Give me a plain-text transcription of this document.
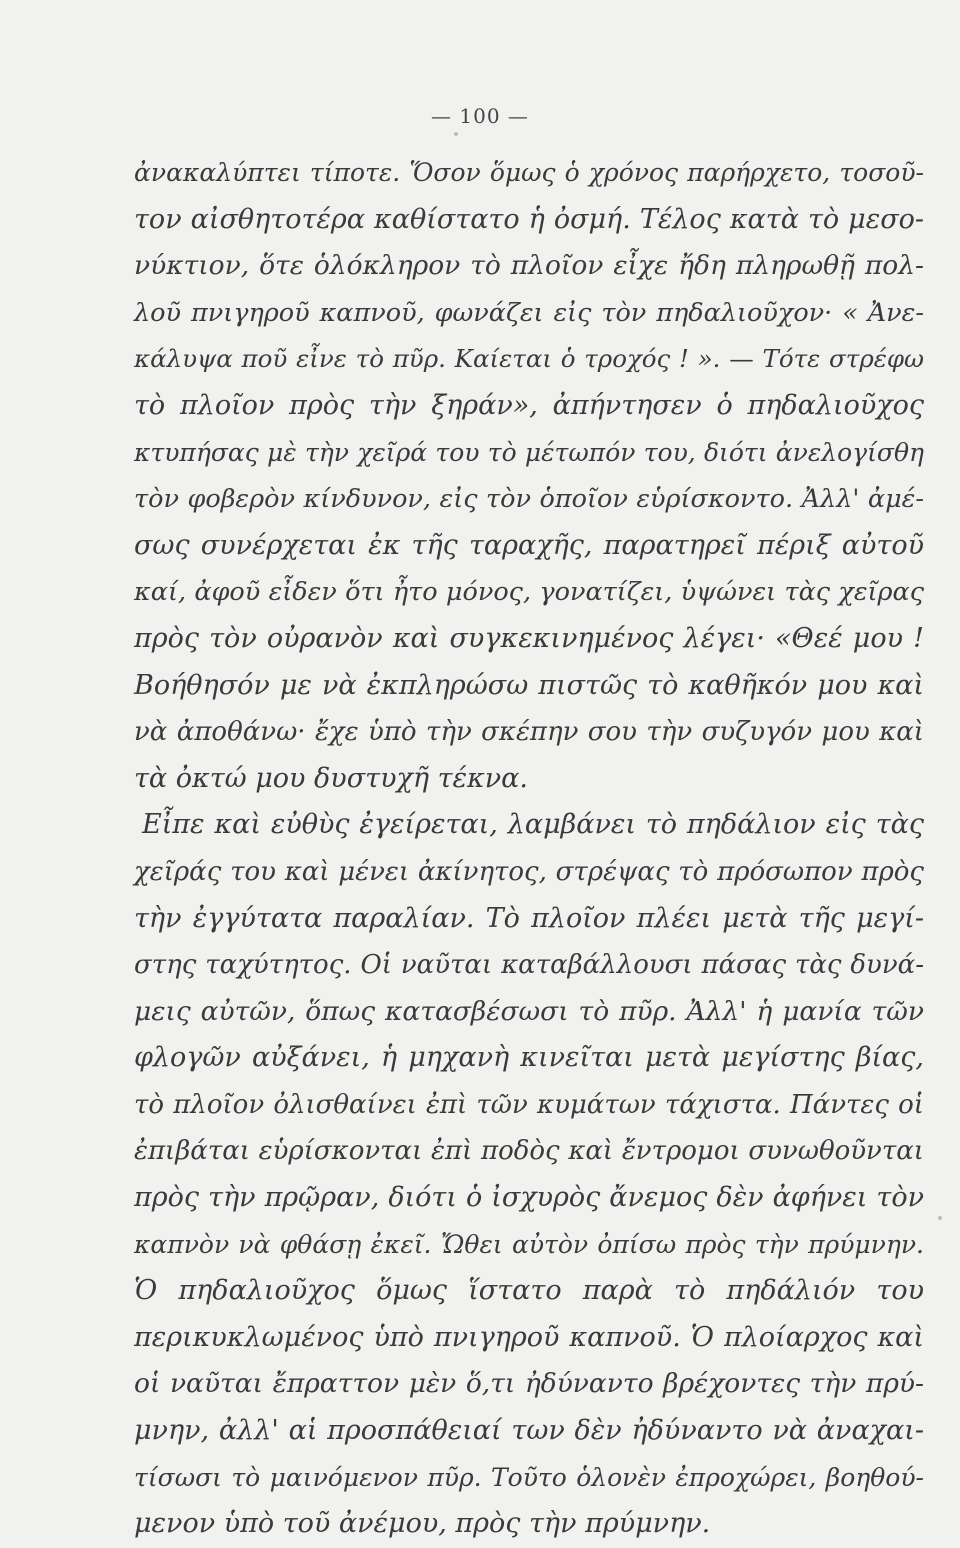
— 100 —
ἀνακαλύπτει τίποτε. Ὅσον ὅμως ὁ χρόνος παρήρχετο, τοσοῦ-
τον αἰσθητοτέρα καθίστατο ἡ ὀσμή. Τέλος κατὰ τὸ μεσο-
νύκτιον, ὅτε ὁλόκληρον τὸ πλοῖον εἶχε ἤδη πληρωθῇ πολ-
λοῦ πνιγηροῦ καπνοῦ, φωνάζει εἰς τὸν πηδαλιοῦχον· « Ἀνε-
κάλυψα ποῦ εἶνε τὸ πῦρ. Καίεται ὁ τροχός ! ». — Τότε στρέφω
τὸ πλοῖον πρὸς τὴν ξηράν», ἀπήντησεν ὁ πηδαλιοῦχος
κτυπήσας μὲ τὴν χεῖρά του τὸ μέτωπόν του, διότι ἀνελογίσθη
τὸν φοβερὸν κίνδυνον, εἰς τὸν ὁποῖον εὑρίσκοντο. Ἀλλ' ἀμέ-
σως συνέρχεται ἐκ τῆς ταραχῆς, παρατηρεῖ πέριξ αὐτοῦ
καί, ἀφοῦ εἶδεν ὅτι ἦτο μόνος, γονατίζει, ὑψώνει τὰς χεῖρας
πρὸς τὸν οὐρανὸν καὶ συγκεκινημένος λέγει· «Θεέ μου !
Βοήθησόν με νὰ ἐκπληρώσω πιστῶς τὸ καθῆκόν μου καὶ
νὰ ἀποθάνω· ἔχε ὑπὸ τὴν σκέπην σου τὴν συζυγόν μου καὶ
τὰ ὀκτώ μου δυστυχῆ τέκνα.
Εἶπε καὶ εὐθὺς ἐγείρεται, λαμβάνει τὸ πηδάλιον εἰς τὰς
χεῖράς του καὶ μένει ἀκίνητος, στρέψας τὸ πρόσωπον πρὸς
τὴν ἐγγύτατα παραλίαν. Τὸ πλοῖον πλέει μετὰ τῆς μεγί-
στης ταχύτητος. Οἱ ναῦται καταβάλλουσι πάσας τὰς δυνά-
μεις αὐτῶν, ὅπως κατασβέσωσι τὸ πῦρ. Ἀλλ' ἡ μανία τῶν
φλογῶν αὐξάνει, ἡ μηχανὴ κινεῖται μετὰ μεγίστης βίας,
τὸ πλοῖον ὀλισθαίνει ἐπὶ τῶν κυμάτων τάχιστα. Πάντες οἱ
ἐπιβάται εὑρίσκονται ἐπὶ ποδὸς καὶ ἔντρομοι συνωθοῦνται
πρὸς τὴν πρῷραν, διότι ὁ ἰσχυρὸς ἄνεμος δὲν ἀφήνει τὸν
καπνὸν νὰ φθάσῃ ἐκεῖ. Ὤθει αὐτὸν ὀπίσω πρὸς τὴν πρύμνην.
Ὁ πηδαλιοῦχος ὅμως ἵστατο παρὰ τὸ πηδάλιόν του
περικυκλωμένος ὑπὸ πνιγηροῦ καπνοῦ. Ὁ πλοίαρχος καὶ
οἱ ναῦται ἔπραττον μὲν ὅ,τι ἠδύναντο βρέχοντες τὴν πρύ-
μνην, ἀλλ' αἱ προσπάθειαί των δὲν ἠδύναντο νὰ ἀναχαι-
τίσωσι τὸ μαινόμενον πῦρ. Τοῦτο ὁλονὲν ἐπροχώρει, βοηθού-
μενον ὑπὸ τοῦ ἀνέμου, πρὸς τὴν πρύμνην.
